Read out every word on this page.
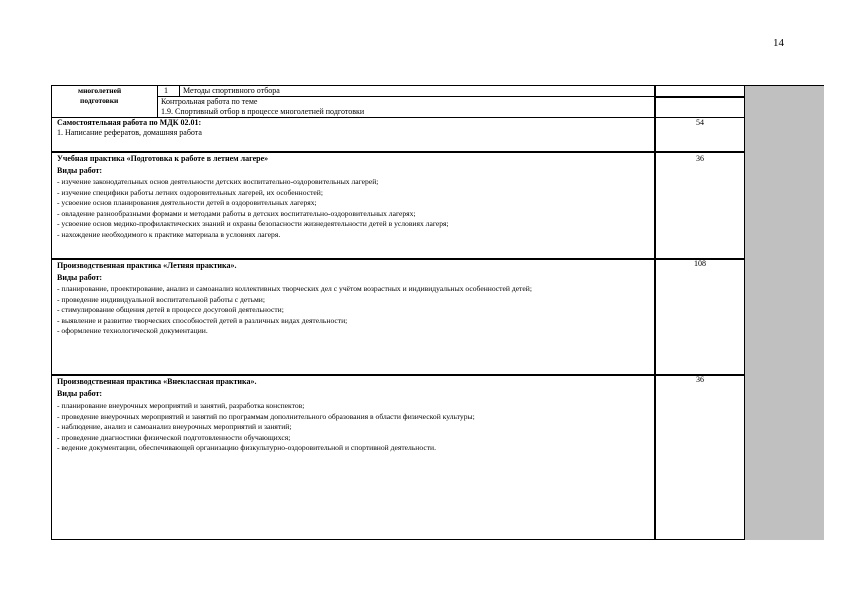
14
многолетней
подготовки
1 Методы спортивного отбора
Контрольная работа по теме
1.9. Спортивный отбор в процессе многолетней подготовки
Самостоятельная работа по МДК 02.01:
1. Написание рефератов, домашняя работа
54
Учебная практика «Подготовка к работе в летнем лагере»
Виды работ:
- изучение законодательных основ деятельности детских воспитательно-оздоровительных лагерей;
- изучение специфики работы летних оздоровительных лагерей, их особенностей;
- усвоение основ планирования деятельности детей в оздоровительных лагерях;
- овладение разнообразными формами и методами работы в детских воспитательно-оздоровительных лагерях;
- усвоение основ медико-профилактических знаний и охраны безопасности жизнедеятельности детей в условиях лагеря;
- нахождение необходимого к практике материала в условиях лагеря.
36
Производственная практика «Летняя практика».
Виды работ:
- планирование, проектирование, анализ и самоанализ коллективных творческих дел с учётом возрастных и индивидуальных особенностей детей;
- проведение индивидуальной воспитательной работы с детьми;
- стимулирование общения детей в процессе досуговой деятельности;
- выявление и развитие творческих способностей детей в различных видах деятельности;
- оформление технологической документации.
108
Производственная практика «Внеклассная практика».
Виды работ:
- планирование внеурочных мероприятий и занятий, разработка конспектов;
- проведение внеурочных мероприятий и занятий по программам дополнительного образования в области физической культуры;
- наблюдение, анализ и самоанализ внеурочных мероприятий и занятий;
- проведение диагностики физической подготовленности обучающихся;
- ведение документации, обеспечивающей организацию физкультурно-оздоровительной и спортивной деятельности.
36
